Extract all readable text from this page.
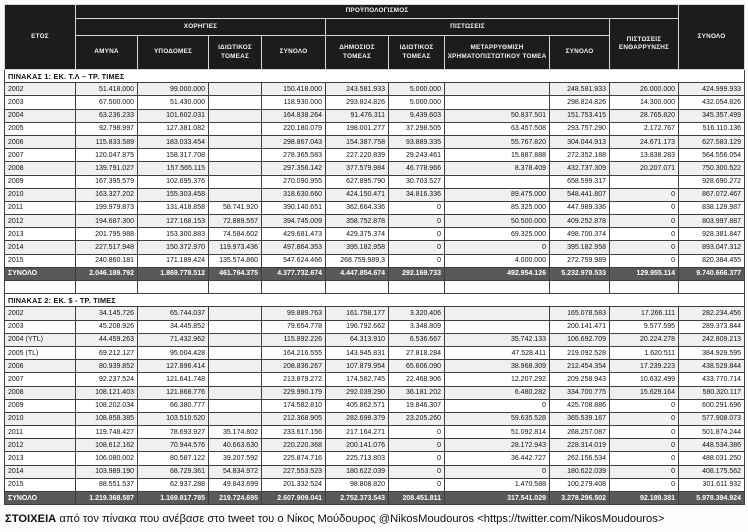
ΕΤΟΣ	ΠΡΟΫΠΟΛΟΓΙΣΜΟΣ									ΣΥΝΟΛΟ
	ΧΟΡΗΓΙΕΣ				ΠΙΣΤΩΣΕΙΣ				ΠΙΣΤΩΣΕΙΣ ΕΝΘΑΡΡΥΝΣΗΣ	
	ΑΜΥΝΑ	ΥΠΟΔΟΜΕΣ	ΙΔΙΩΤΙΚΟΣ ΤΟΜΕΑΣ	ΣΥΝΟΛΟ	ΔΗΜΟΣΙΟΣ ΤΟΜΕΑΣ	ΙΔΙΩΤΙΚΟΣ ΤΟΜΕΑΣ	ΜΕΤΑΡΡΥΘΜΙΣΗ ΧΡΗΜΑΤΟΠΙΣΤΩΤΙΚΟΥ ΤΟΜΕΑ	ΣΥΝΟΛΟ		
ΠΙΝΑΚΑΣ 1: ΕΚ. Τ.Λ – ΤΡ. ΤΙΜΕΣ										
2002	51.418.000	99.000.000		150.418.000	243.581.933	5.000.000		248.581.933	26.000.000	424.999.933
2003	67.500.000	51.430.000		118.930.000	293.824.826	5.000.000		298.824.826	14.300.000	432.054.826
2004	63.236.233	101.602.031		164.838.264	91.476.311	9.439.603	50.837.501	151.753.415	28.765.820	345.357.499
2005	92.798.997	127.381.082		220.180.079	198.001.277	37.298.505	63.457.508	293.757.290	2.172.767	516.110.136
2006	115.833.589	183.033.454		298.867.043	154.387.758	93.889.335	55.767.820	304.044.913	24.671.173	627.583.129
2007	120.047.875	158.317.708		278.365.583	227.220.839	29.243.461	15.887.888	272.352.188	13.838.283	564.556.054
2008	139.791.027	157.565.115		297.356.142	377.579.984	46.778.966	8.378.409	432.737.309	20.207.071	750.300.522
2009	167.395.579	102.695.376		270.090.955	627.895.790	30.703.527		658.599.317		928.690.272
2010	163.327.202	155.303.458		318.630.660	424.150.471	34.816.336	89.475.000	548.441.807	0	867.072.467
2011	199.979.873	131.418.858	58.741.920	390.140.651	362.664.336	0	85.325.000	447.989.336	0	838.129.987
2012	194.687.300	127.168.153	72.889.557	394.745.009	358.752.878	0	50.500.000	409.252.878	0	803.997.887
2013	201.795.988	153.300.883	74.584.602	429.681.473	429.375.374	0	69.325.000	498.700.374	0	928.381.847
2014	227.517.948	150.372.970	119.973.436	497.864.353	395.182.958	0	0	395.182.958	0	893.047.312
2015	240.860.181	171.189.424	135.574.860	547.624.466	268.759.989,3	0	4.000.000	272.759.989	0	820.384.455
ΣΥΝΟΛΟ	2.046.189.792	1.869.778.512	461.764.375	4.377.732.674	4.447.854.674	292.169.733	492.954.126	5.232.978.533	129.955.114	9.740.666.377

ΠΙΝΑΚΑΣ 2: ΕΚ. $ - ΤΡ. ΤΙΜΕΣ										
2002	34.145.726	65.744.037		99.889.763	161.758.177	3.320.406		165.078.583	17.266.111	282.234.456
2003	45.208.926	34.445.852		79.654.778	196.792.662	3.348.809		200.141.471	9.577.595	289.373.844
2004 (YTL)	44.459.263	71.432.962		115.892.226	64.313.910	6.536.667	35.742.133	106.692.709	20.224.278	242.809.213
2005 (TL)	69.212.127	95.004.428		164.216.555	143.945.831	27.818.284	47.528.411	219.092.528	1.620.511	384.929.595
2006	80.939.852	127.896.414		208.836.267	107.879.954	65.606.090	38.968.309	212.454.354	17.239.223	438.529.844
2007	92.237.524	121.641.748		213.879.272	174.582.745	22.468.906	12.207.292	209.258.943	10.632.499	433.770.714
2008	108.121.403	121.868.776		229.990.179	292.039.290	36.181.202	6.480.282	334.700.775	15.629.164	580.320.117
2009	108.202.034	66.380.777		174.582.810	405.862.571	19.846.307	0	425.708.886	0	600.291.696
2010	108.858.385	103.510.520		212.368.905	282.698.379	23.205.260	59.635.528	365.539.167	0	577.908.073
2011	119.748.427	78.693.927	35.174.802	233.617.156	217.164.271	0	51.092.814	268.257.087	0	501.874.244
2012	108.612.162	70.944.576	40.663.630	220.220.368	200.141.076	0	28.172.943	228.314.019	0	448.534.386
2013	106.080.002	80.587.122	39.207.592	225.874.716	225.713.803	0	36.442.727	262.156.534	0	488.031.250
2014	103.989.190	68.729.361	54.834.972	227.553.523	180.622.039	0	0	180.622.039	0	408.175.562
2015	88.551.537	62.937.288	49.843.699	201.332.524	98.808.820	0	1.470.588	100.279.408	0	301.611.932
ΣΥΝΟΛΟ	1.219.368.587	1.169.817.785	219.724.695	2.607.909.041	2.752.373.543	208.451.811	317.541.029	3.278.296.502	92.189.381	5.978.394.924
ΣΤΟΙΧΕΙΑ από τον πίνακα που ανέβασε στο tweet του ο Νίκος Μούδουρος @NikosMoudouros <https://twitter.com/NikosMoudouros>
